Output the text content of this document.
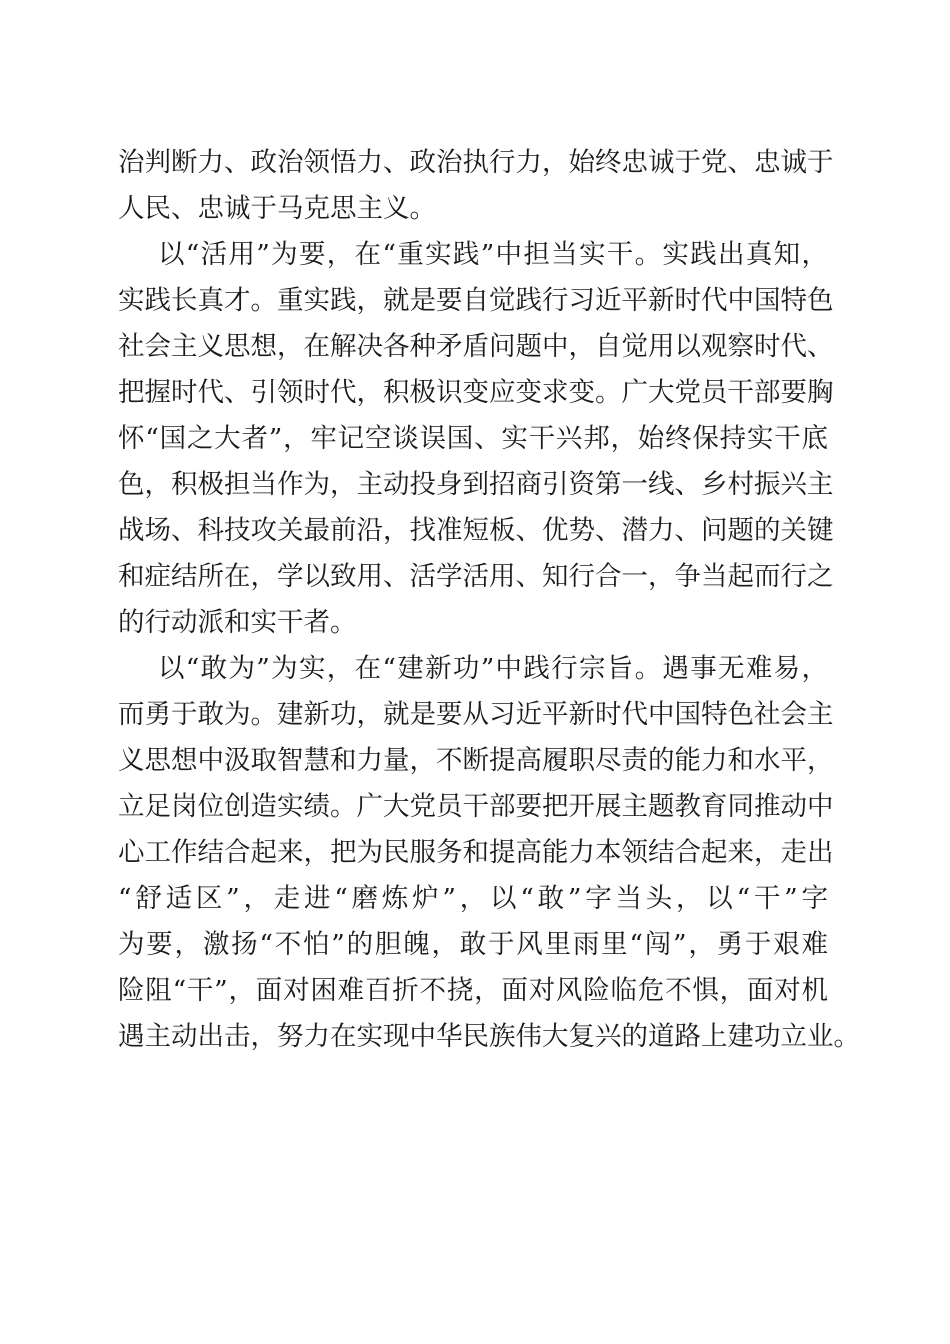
治判断力、政治领悟力、政治执行力，始终忠诚于党、忠诚于
人民、忠诚于马克思主义。
以“活用”为要，在“重实践”中担当实干。实践出真知，
实践长真才。重实践，就是要自觉践行习近平新时代中国特色
社会主义思想，在解决各种矛盾问题中，自觉用以观察时代、
把握时代、引领时代，积极识变应变求变。广大党员干部要胸
怀“国之大者”，牢记空谈误国、实干兴邦，始终保持实干底
色，积极担当作为，主动投身到招商引资第一线、乡村振兴主
战场、科技攻关最前沿，找准短板、优势、潜力、问题的关键
和症结所在，学以致用、活学活用、知行合一，争当起而行之
的行动派和实干者。
以“敢为”为实，在“建新功”中践行宗旨。遇事无难易，
而勇于敢为。建新功，就是要从习近平新时代中国特色社会主
义思想中汲取智慧和力量，不断提高履职尽责的能力和水平，
立足岗位创造实绩。广大党员干部要把开展主题教育同推动中
心工作结合起来，把为民服务和提高能力本领结合起来，走出
“舒适区”，走进“磨炼炉”，以“敢”字当头，以“干”字
为要，激扬“不怕”的胆魄，敢于风里雨里“闯”，勇于艰难
险阻“干”，面对困难百折不挠，面对风险临危不惧，面对机
遇主动出击，努力在实现中华民族伟大复兴的道路上建功立业。
